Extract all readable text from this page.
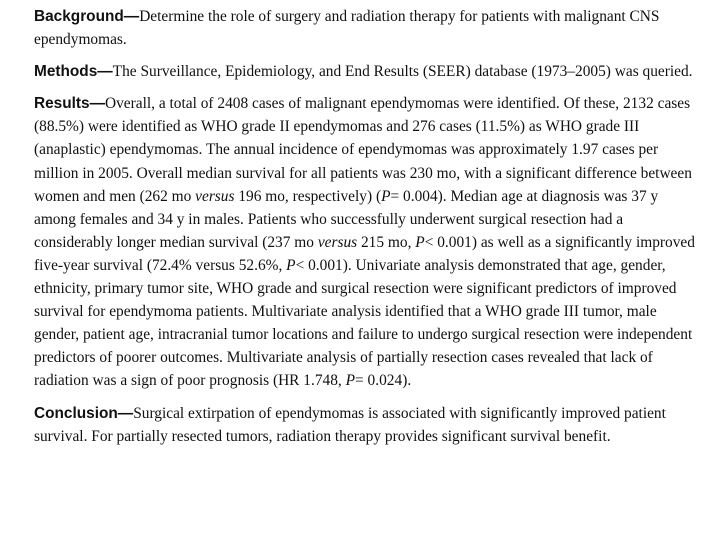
Background—Determine the role of surgery and radiation therapy for patients with malignant CNS ependymomas.

Methods—The Surveillance, Epidemiology, and End Results (SEER) database (1973–2005) was queried.

Results—Overall, a total of 2408 cases of malignant ependymomas were identified. Of these, 2132 cases (88.5%) were identified as WHO grade II ependymomas and 276 cases (11.5%) as WHO grade III (anaplastic) ependymomas. The annual incidence of ependymomas was approximately 1.97 cases per million in 2005. Overall median survival for all patients was 230 mo, with a significant difference between women and men (262 mo versus 196 mo, respectively) (P= 0.004). Median age at diagnosis was 37 y among females and 34 y in males. Patients who successfully underwent surgical resection had a considerably longer median survival (237 mo versus 215 mo, P< 0.001) as well as a significantly improved five-year survival (72.4% versus 52.6%, P< 0.001). Univariate analysis demonstrated that age, gender, ethnicity, primary tumor site, WHO grade and surgical resection were significant predictors of improved survival for ependymoma patients. Multivariate analysis identified that a WHO grade III tumor, male gender, patient age, intracranial tumor locations and failure to undergo surgical resection were independent predictors of poorer outcomes. Multivariate analysis of partially resection cases revealed that lack of radiation was a sign of poor prognosis (HR 1.748, P= 0.024).

Conclusion—Surgical extirpation of ependymomas is associated with significantly improved patient survival. For partially resected tumors, radiation therapy provides significant survival benefit.
